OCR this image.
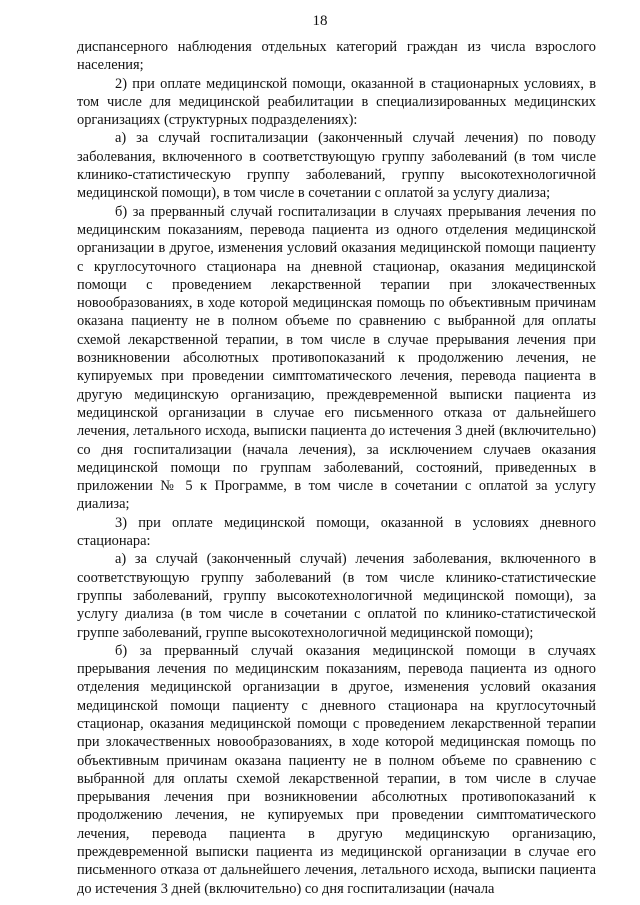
18

диспансерного наблюдения отдельных категорий граждан из числа взрослого населения;

2) при оплате медицинской помощи, оказанной в стационарных условиях, в том числе для медицинской реабилитации в специализированных медицинских организациях (структурных подразделениях):

а) за случай госпитализации (законченный случай лечения) по поводу заболевания, включенного в соответствующую группу заболеваний (в том числе клинико-статистическую группу заболеваний, группу высокотехнологичной медицинской помощи), в том числе в сочетании с оплатой за услугу диализа;

б) за прерванный случай госпитализации в случаях прерывания лечения по медицинским показаниям, перевода пациента из одного отделения медицинской организации в другое, изменения условий оказания медицинской помощи пациенту с круглосуточного стационара на дневной стационар, оказания медицинской помощи с проведением лекарственной терапии при злокачественных новообразованиях, в ходе которой медицинская помощь по объективным причинам оказана пациенту не в полном объеме по сравнению с выбранной для оплаты схемой лекарственной терапии, в том числе в случае прерывания лечения при возникновении абсолютных противопоказаний к продолжению лечения, не купируемых при проведении симптоматического лечения, перевода пациента в другую медицинскую организацию, преждевременной выписки пациента из медицинской организации в случае его письменного отказа от дальнейшего лечения, летального исхода, выписки пациента до истечения 3 дней (включительно) со дня госпитализации (начала лечения), за исключением случаев оказания медицинской помощи по группам заболеваний, состояний, приведенных в приложении № 5 к Программе, в том числе в сочетании с оплатой за услугу диализа;

3) при оплате медицинской помощи, оказанной в условиях дневного стационара:

а) за случай (законченный случай) лечения заболевания, включенного в соответствующую группу заболеваний (в том числе клинико-статистические группы заболеваний, группу высокотехнологичной медицинской помощи), за услугу диализа (в том числе в сочетании с оплатой по клинико-статистической группе заболеваний, группе высокотехнологичной медицинской помощи);

б) за прерванный случай оказания медицинской помощи в случаях прерывания лечения по медицинским показаниям, перевода пациента из одного отделения медицинской организации в другое, изменения условий оказания медицинской помощи пациенту с дневного стационара на круглосуточный стационар, оказания медицинской помощи с проведением лекарственной терапии при злокачественных новообразованиях, в ходе которой медицинская помощь по объективным причинам оказана пациенту не в полном объеме по сравнению с выбранной для оплаты схемой лекарственной терапии, в том числе в случае прерывания лечения при возникновении абсолютных противопоказаний к продолжению лечения, не купируемых при проведении симптоматического лечения, перевода пациента в другую медицинскую организацию, преждевременной выписки пациента из медицинской организации в случае его письменного отказа от дальнейшего лечения, летального исхода, выписки пациента до истечения 3 дней (включительно) со дня госпитализации (начала
